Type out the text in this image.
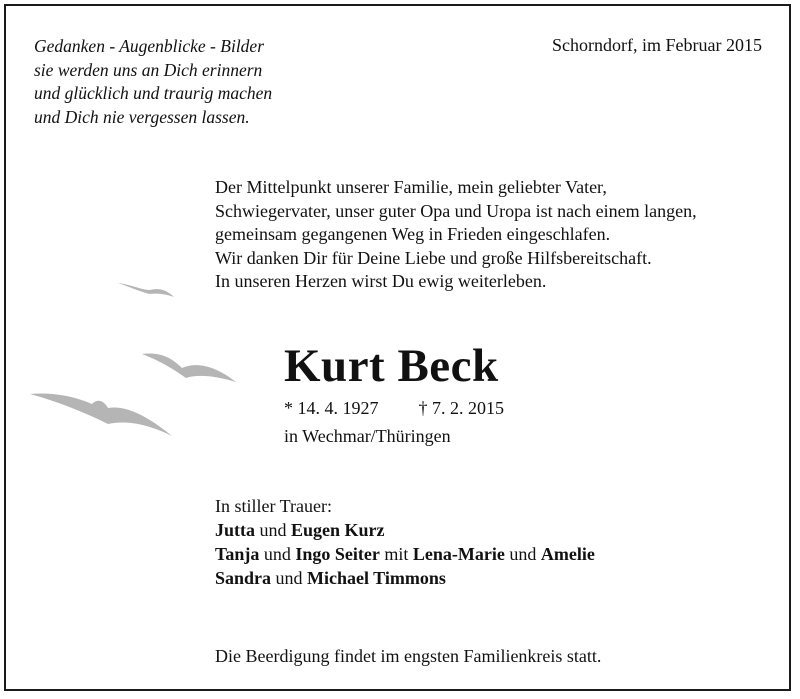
Gedanken - Augenblicke - Bilder
sie werden uns an Dich erinnern
und glücklich und traurig machen
und Dich nie vergessen lassen.
Schorndorf, im Februar 2015
Der Mittelpunkt unserer Familie, mein geliebter Vater,
Schwiegervater, unser guter Opa und Uropa ist nach einem langen,
gemeinsam gegangenen Weg in Frieden eingeschlafen.
Wir danken Dir für Deine Liebe und große Hilfsbereitschaft.
In unseren Herzen wirst Du ewig weiterleben.
Kurt Beck
* 14. 4. 1927 † 7. 2. 2015
in Wechmar/Thüringen
In stiller Trauer:
Jutta und Eugen Kurz
Tanja und Ingo Seiter mit Lena-Marie und Amelie
Sandra und Michael Timmons
Die Beerdigung findet im engsten Familienkreis statt.
